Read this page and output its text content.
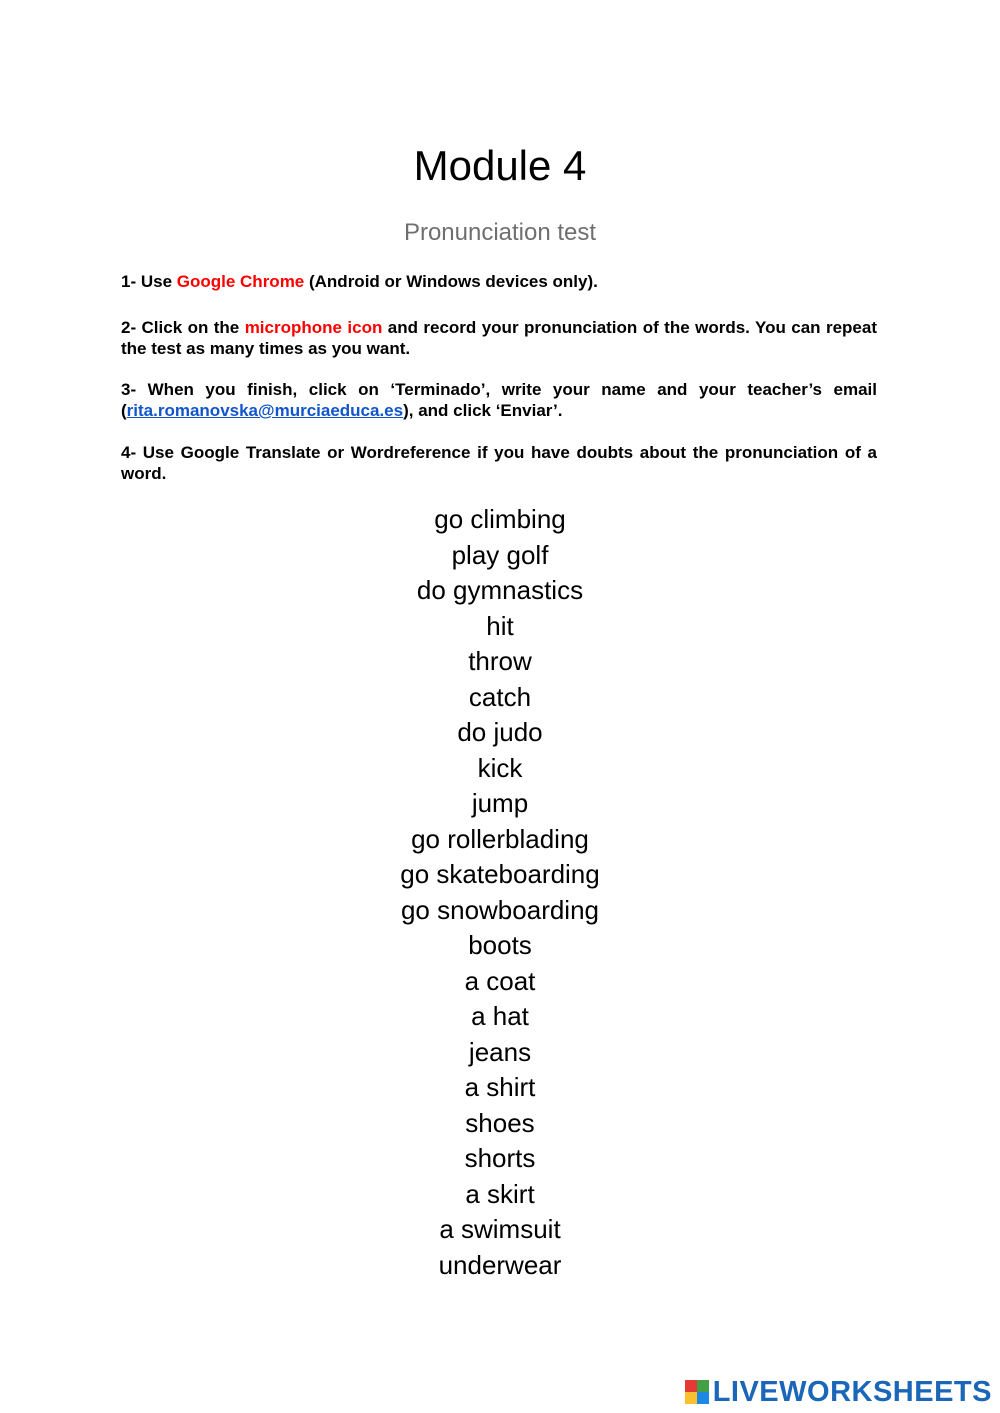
Module 4
Pronunciation test

1- Use Google Chrome (Android or Windows devices only).

2- Click on the microphone icon and record your pronunciation of the words. You can repeat the test as many times as you want.

3- When you finish, click on ‘Terminado’, write your name and your teacher’s email (rita.romanovska@murciaeduca.es), and click ‘Enviar’.

4- Use Google Translate or Wordreference if you have doubts about the pronunciation of a word.

go climbing
play golf
do gymnastics
hit
throw
catch
do judo
kick
jump
go rollerblading
go skateboarding
go snowboarding
boots
a coat
a hat
jeans
a shirt
shoes
shorts
a skirt
a swimsuit
underwear
LIVEWORKSHEETS
